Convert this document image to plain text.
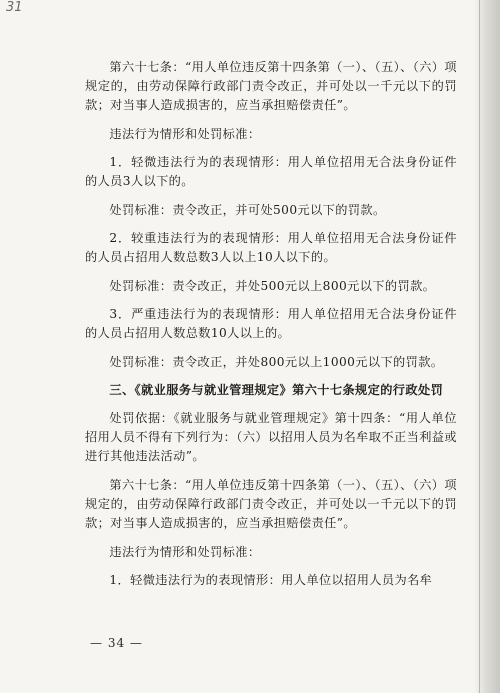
31

第六十七条：“用人单位违反第十四条第（一）、（五）、（六）项规定的，由劳动保障行政部门责令改正，并可处以一千元以下的罚款；对当事人造成损害的，应当承担赔偿责任”。

违法行为情形和处罚标准：

1．轻微违法行为的表现情形：用人单位招用无合法身份证件的人员3人以下的。

处罚标准：责令改正，并可处500元以下的罚款。

2．较重违法行为的表现情形：用人单位招用无合法身份证件的人员占招用人数总数3人以上10人以下的。

处罚标准：责令改正，并处500元以上800元以下的罚款。

3．严重违法行为的表现情形：用人单位招用无合法身份证件的人员占招用人数总数10人以上的。

处罚标准：责令改正，并处800元以上1000元以下的罚款。

三、《就业服务与就业管理规定》第六十七条规定的行政处罚

处罚依据：《就业服务与就业管理规定》第十四条：“用人单位招用人员不得有下列行为：（六）以招用人员为名牟取不正当利益或进行其他违法活动”。

第六十七条：“用人单位违反第十四条第（一）、（五）、（六）项规定的，由劳动保障行政部门责令改正，并可处以一千元以下的罚款；对当事人造成损害的，应当承担赔偿责任”。

违法行为情形和处罚标准：

1．轻微违法行为的表现情形：用人单位以招用人员为名牟

— 34 —
